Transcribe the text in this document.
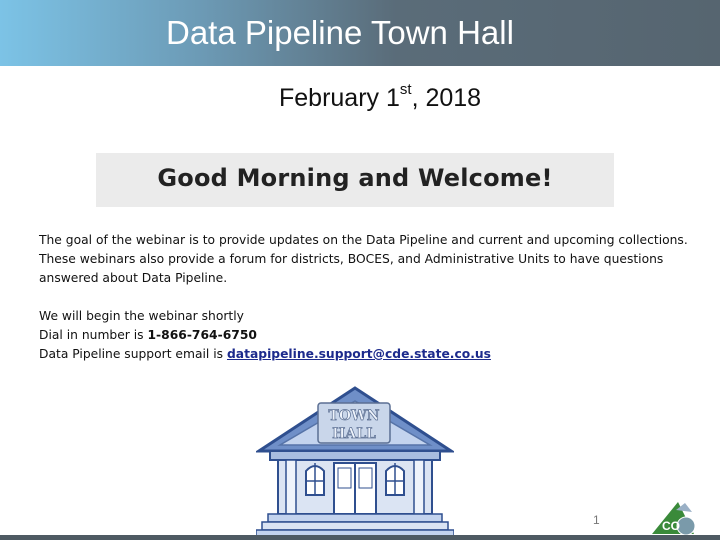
Data Pipeline Town Hall
February 1st, 2018
Good Morning and Welcome!

The goal of the webinar is to provide updates on the Data Pipeline and current and upcoming collections. These webinars also provide a forum for districts, BOCES, and Administrative Units to have questions answered about Data Pipeline.

We will begin the webinar shortly

Dial in number is 1-866-764-6750

Data Pipeline support email is datapipeline.support@cde.state.co.us

TOWN
HALL
1	CO
